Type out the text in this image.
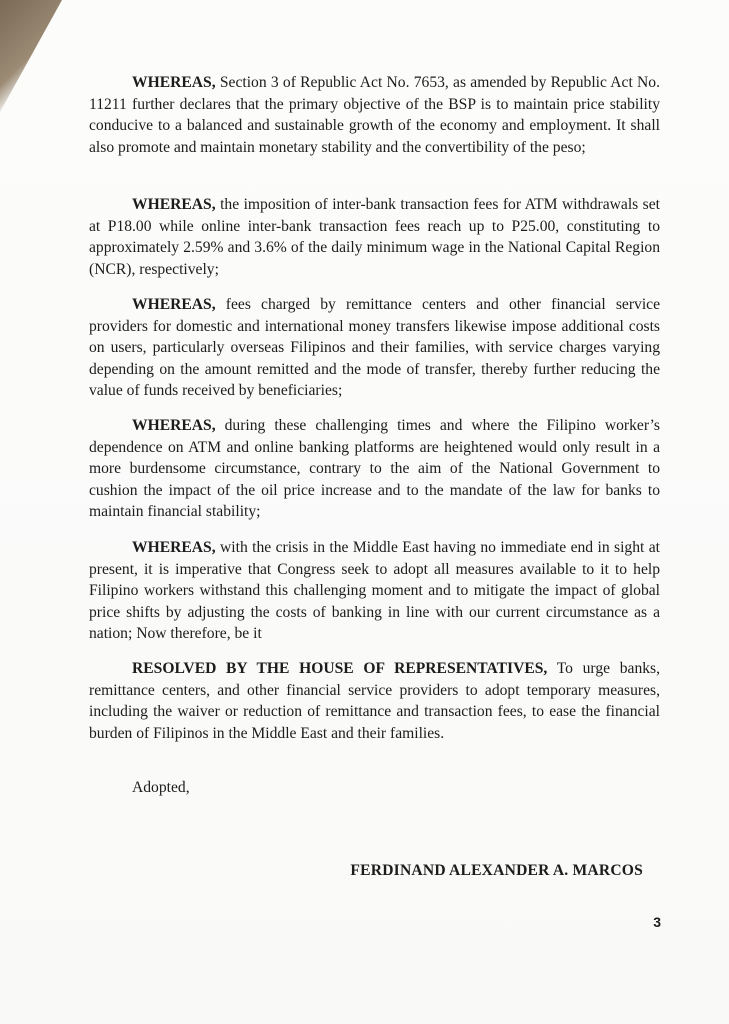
WHEREAS, Section 3 of Republic Act No. 7653, as amended by Republic Act No. 11211 further declares that the primary objective of the BSP is to maintain price stability conducive to a balanced and sustainable growth of the economy and employment. It shall also promote and maintain monetary stability and the convertibility of the peso;

WHEREAS, the imposition of inter-bank transaction fees for ATM withdrawals set at P18.00 while online inter-bank transaction fees reach up to P25.00, constituting to approximately 2.59% and 3.6% of the daily minimum wage in the National Capital Region (NCR), respectively;

WHEREAS, fees charged by remittance centers and other financial service providers for domestic and international money transfers likewise impose additional costs on users, particularly overseas Filipinos and their families, with service charges varying depending on the amount remitted and the mode of transfer, thereby further reducing the value of funds received by beneficiaries;

WHEREAS, during these challenging times and where the Filipino worker’s dependence on ATM and online banking platforms are heightened would only result in a more burdensome circumstance, contrary to the aim of the National Government to cushion the impact of the oil price increase and to the mandate of the law for banks to maintain financial stability;

WHEREAS, with the crisis in the Middle East having no immediate end in sight at present, it is imperative that Congress seek to adopt all measures available to it to help Filipino workers withstand this challenging moment and to mitigate the impact of global price shifts by adjusting the costs of banking in line with our current circumstance as a nation; Now therefore, be it

RESOLVED BY THE HOUSE OF REPRESENTATIVES, To urge banks, remittance centers, and other financial service providers to adopt temporary measures, including the waiver or reduction of remittance and transaction fees, to ease the financial burden of Filipinos in the Middle East and their families.

Adopted,
FERDINAND ALEXANDER A. MARCOS
3
